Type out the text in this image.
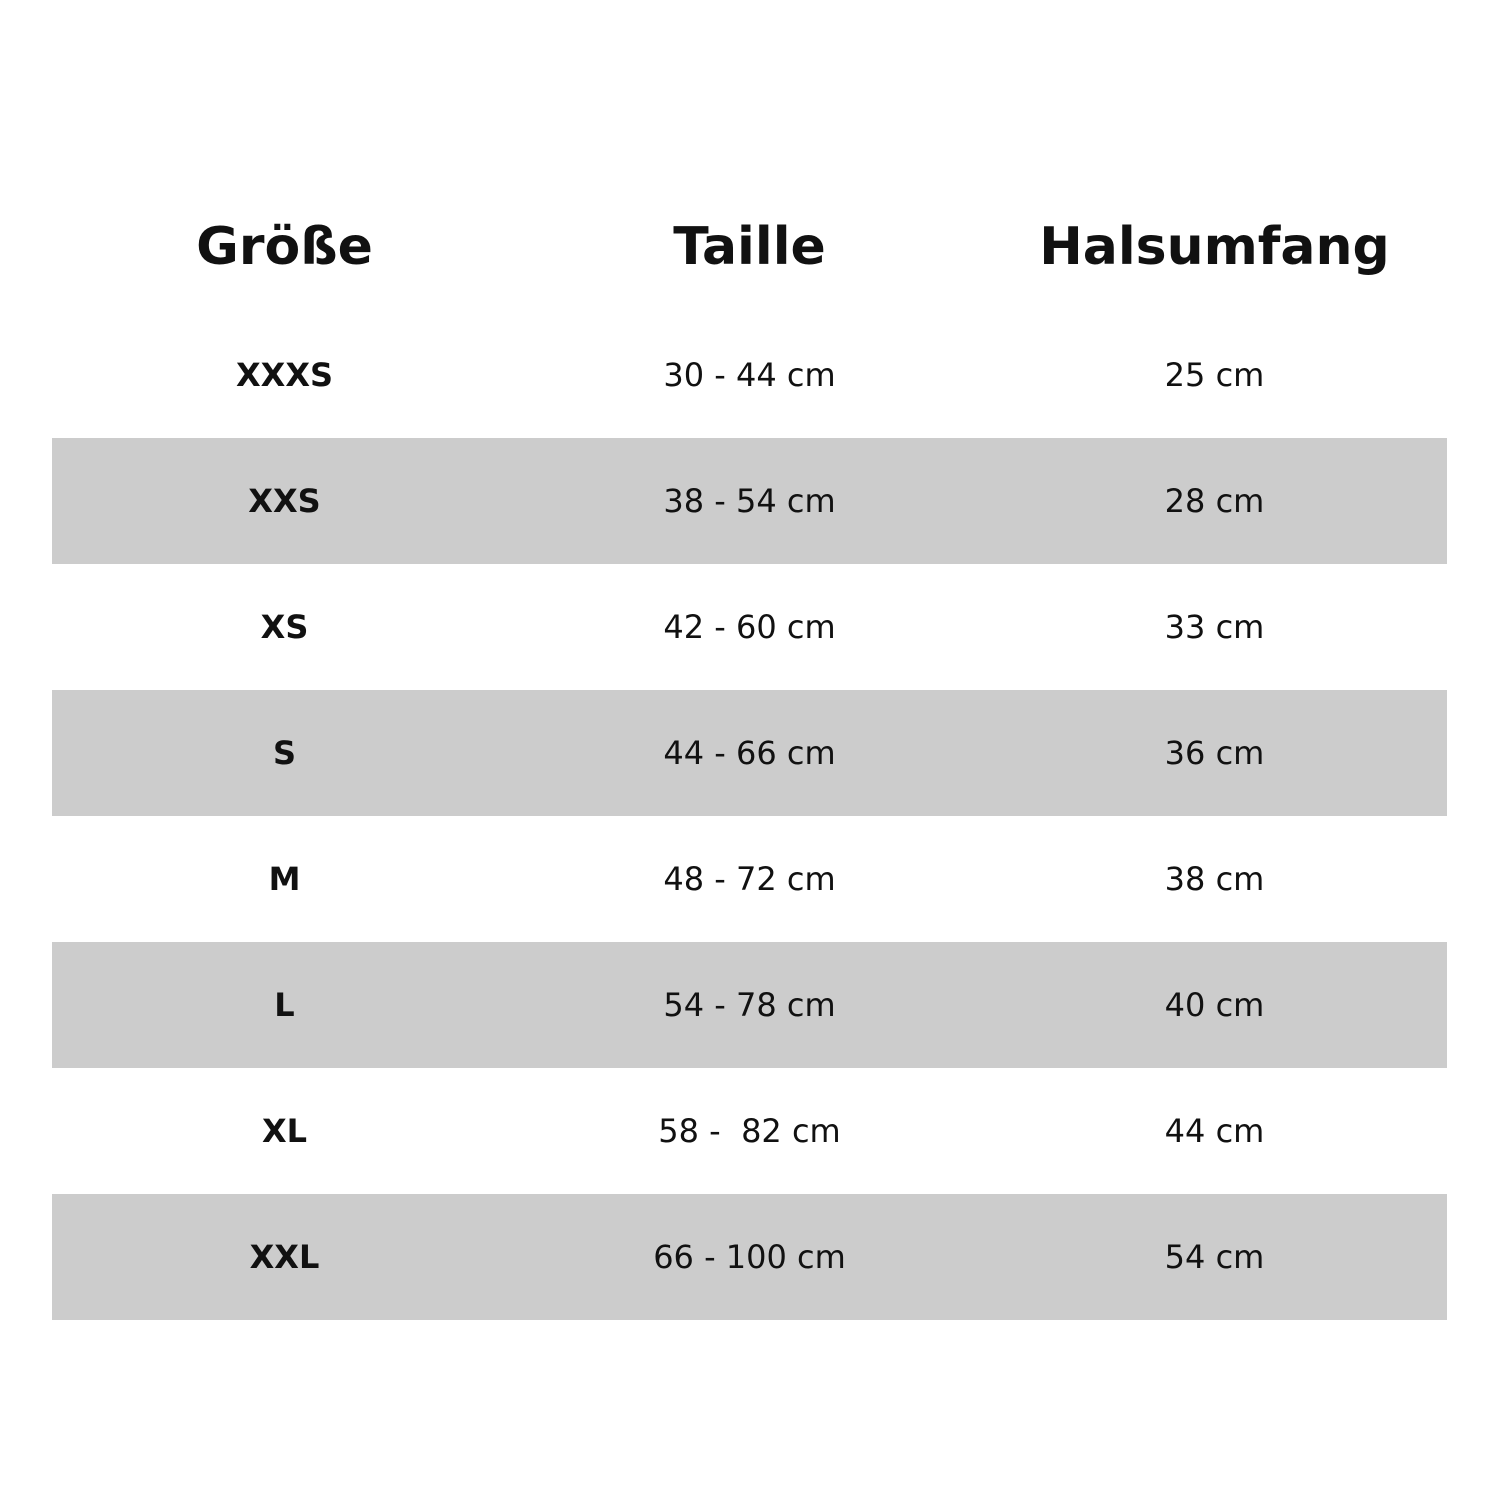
Größe	Taille	Halsumfang
XXXS	30 - 44 cm	25 cm
XXS	38 - 54 cm	28 cm
XS	42 - 60 cm	33 cm
S	44 - 66 cm	36 cm
M	48 - 72 cm	38 cm
L	54 - 78 cm	40 cm
XL	58 -  82 cm	44 cm
XXL	66 - 100 cm	54 cm
